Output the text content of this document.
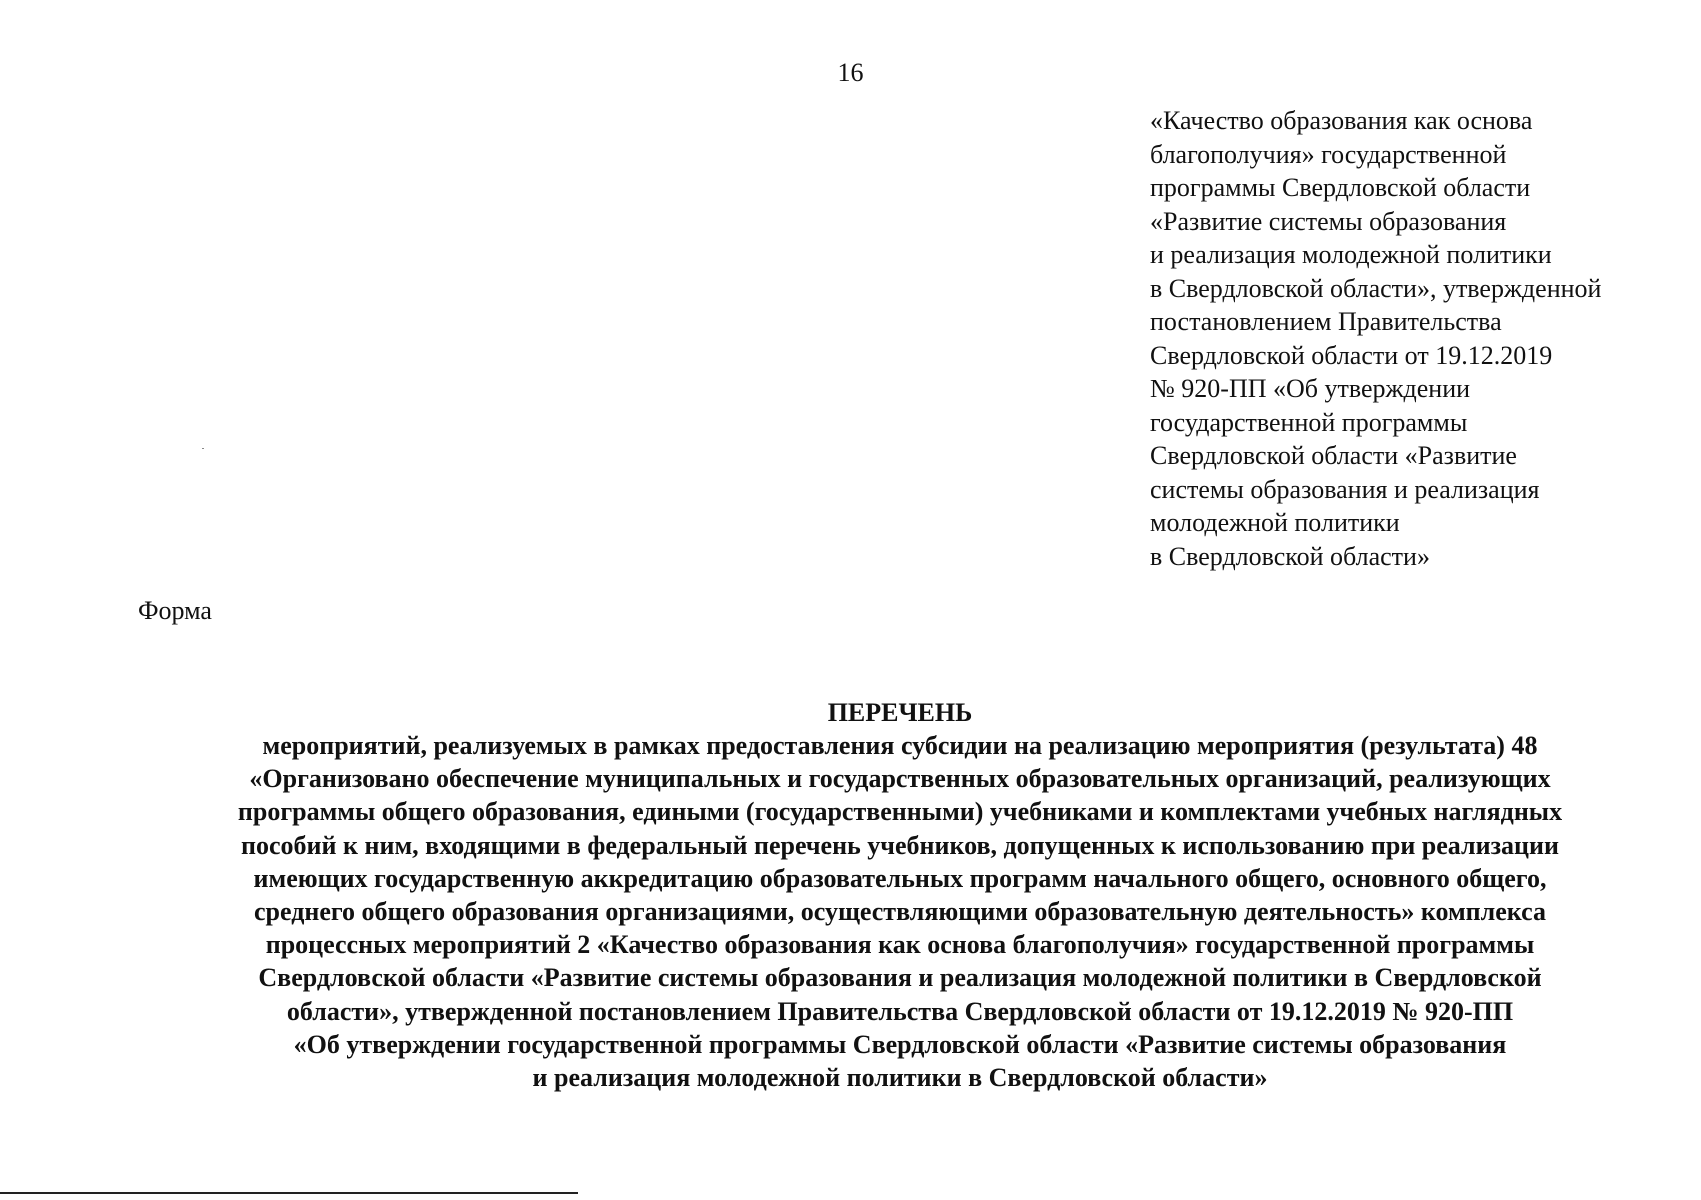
16
«Качество образования как основа
благополучия» государственной
программы Свердловской области
«Развитие системы образования
и реализация молодежной политики
в Свердловской области», утвержденной
постановлением Правительства
Свердловской области от 19.12.2019
№ 920-ПП «Об утверждении
государственной программы
Свердловской области «Развитие
системы образования и реализация
молодежной политики
в Свердловской области»
Форма
ПЕРЕЧЕНЬ
мероприятий, реализуемых в рамках предоставления субсидии на реализацию мероприятия (результата) 48
«Организовано обеспечение муниципальных и государственных образовательных организаций, реализующих
программы общего образования, едиными (государственными) учебниками и комплектами учебных наглядных
пособий к ним, входящими в федеральный перечень учебников, допущенных к использованию при реализации
имеющих государственную аккредитацию образовательных программ начального общего, основного общего,
среднего общего образования организациями, осуществляющими образовательную деятельность» комплекса
процессных мероприятий 2 «Качество образования как основа благополучия» государственной программы
Свердловской области «Развитие системы образования и реализация молодежной политики в Свердловской
области», утвержденной постановлением Правительства Свердловской области от 19.12.2019 № 920-ПП
«Об утверждении государственной программы Свердловской области «Развитие системы образования
и реализация молодежной политики в Свердловской области»
